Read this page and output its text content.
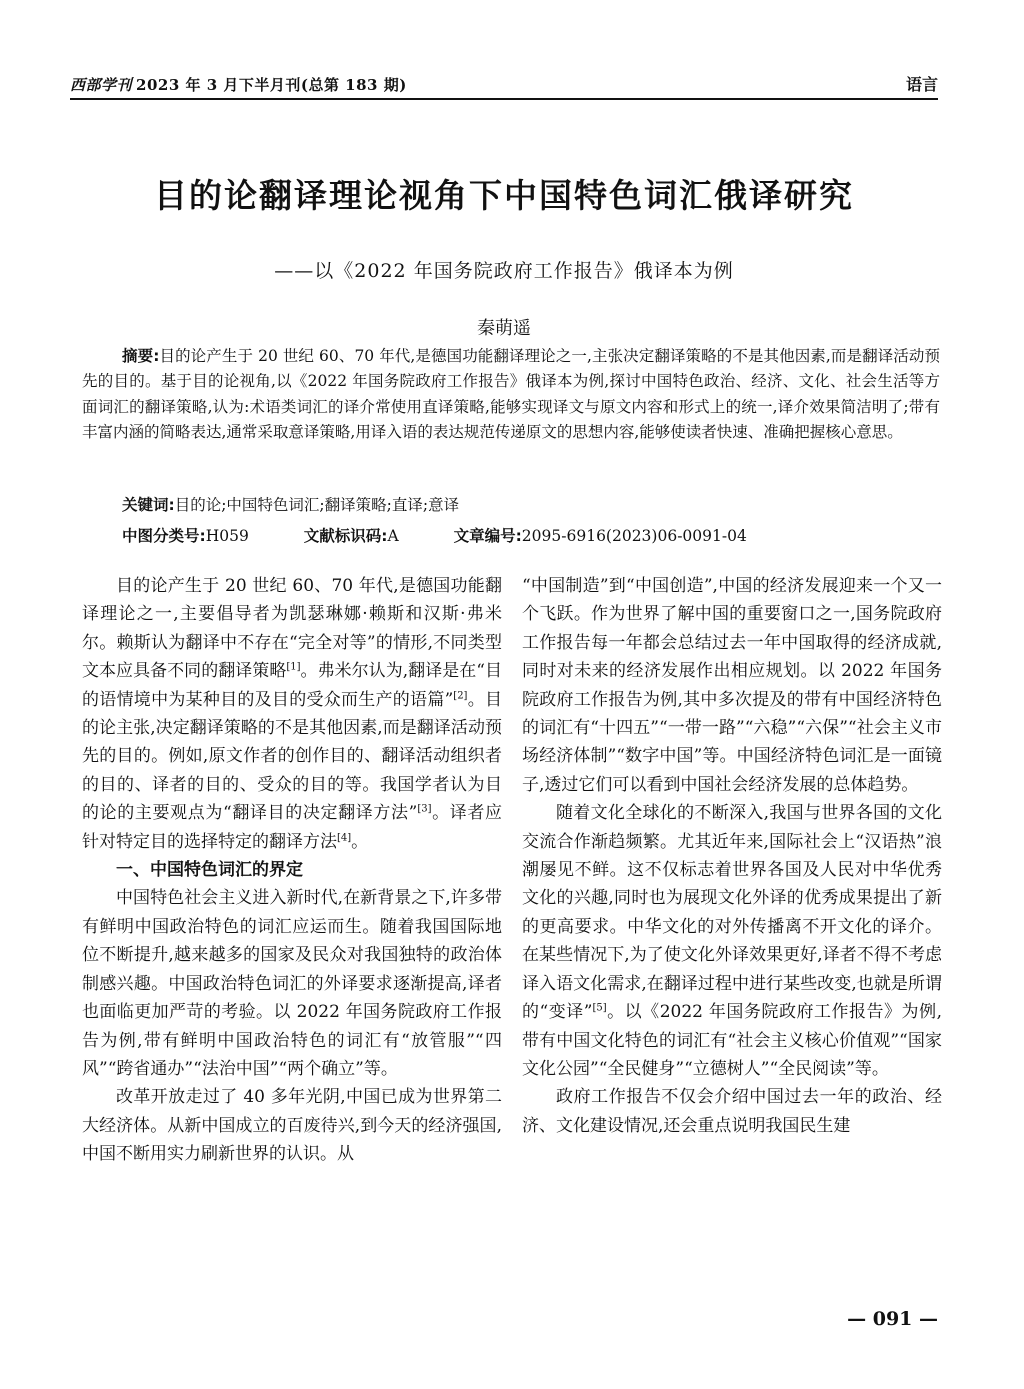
西部学刊 2023 年 3 月下半月刊(总第 183 期)	语言
目的论翻译理论视角下中国特色词汇俄译研究
——以《2022 年国务院政府工作报告》俄译本为例
秦萌遥
摘要:目的论产生于 20 世纪 60、70 年代,是德国功能翻译理论之一,主张决定翻译策略的不是其他因素,而是翻译活动预先的目的。基于目的论视角,以《2022 年国务院政府工作报告》俄译本为例,探讨中国特色政治、经济、文化、社会生活等方面词汇的翻译策略,认为:术语类词汇的译介常使用直译策略,能够实现译文与原文内容和形式上的统一,译介效果简洁明了;带有丰富内涵的简略表达,通常采取意译策略,用译入语的表达规范传递原文的思想内容,能够使读者快速、准确把握核心意思。
关键词:目的论;中国特色词汇;翻译策略;直译;意译
中图分类号:H059	文献标识码:A	文章编号:2095-6916(2023)06-0091-04

目的论产生于 20 世纪 60、70 年代,是德国功能翻译理论之一,主要倡导者为凯瑟琳娜·赖斯和汉斯·弗米尔。赖斯认为翻译中不存在“完全对等”的情形,不同类型文本应具备不同的翻译策略[1]。弗米尔认为,翻译是在“目的语情境中为某种目的及目的受众而生产的语篇”[2]。目的论主张,决定翻译策略的不是其他因素,而是翻译活动预先的目的。例如,原文作者的创作目的、翻译活动组织者的目的、译者的目的、受众的目的等。我国学者认为目的论的主要观点为“翻译目的决定翻译方法”[3]。译者应针对特定目的选择特定的翻译方法[4]。

一、中国特色词汇的界定

中国特色社会主义进入新时代,在新背景之下,许多带有鲜明中国政治特色的词汇应运而生。随着我国国际地位不断提升,越来越多的国家及民众对我国独特的政治体制感兴趣。中国政治特色词汇的外译要求逐渐提高,译者也面临更加严苛的考验。以 2022 年国务院政府工作报告为例,带有鲜明中国政治特色的词汇有“放管服”“四风”“跨省通办”“法治中国”“两个确立”等。

改革开放走过了 40 多年光阴,中国已成为世界第二大经济体。从新中国成立的百废待兴,到今天的经济强国,中国不断用实力刷新世界的认识。从

“中国制造”到“中国创造”,中国的经济发展迎来一个又一个飞跃。作为世界了解中国的重要窗口之一,国务院政府工作报告每一年都会总结过去一年中国取得的经济成就,同时对未来的经济发展作出相应规划。以 2022 年国务院政府工作报告为例,其中多次提及的带有中国经济特色的词汇有“十四五”“一带一路”“六稳”“六保”“社会主义市场经济体制”“数字中国”等。中国经济特色词汇是一面镜子,透过它们可以看到中国社会经济发展的总体趋势。

随着文化全球化的不断深入,我国与世界各国的文化交流合作渐趋频繁。尤其近年来,国际社会上“汉语热”浪潮屡见不鲜。这不仅标志着世界各国及人民对中华优秀文化的兴趣,同时也为展现文化外译的优秀成果提出了新的更高要求。中华文化的对外传播离不开文化的译介。在某些情况下,为了使文化外译效果更好,译者不得不考虑译入语文化需求,在翻译过程中进行某些改变,也就是所谓的“变译”[5]。以《2022 年国务院政府工作报告》为例,带有中国文化特色的词汇有“社会主义核心价值观”“国家文化公园”“全民健身”“立德树人”“全民阅读”等。

政府工作报告不仅会介绍中国过去一年的政治、经济、文化建设情况,还会重点说明我国民生建

— 091 —
